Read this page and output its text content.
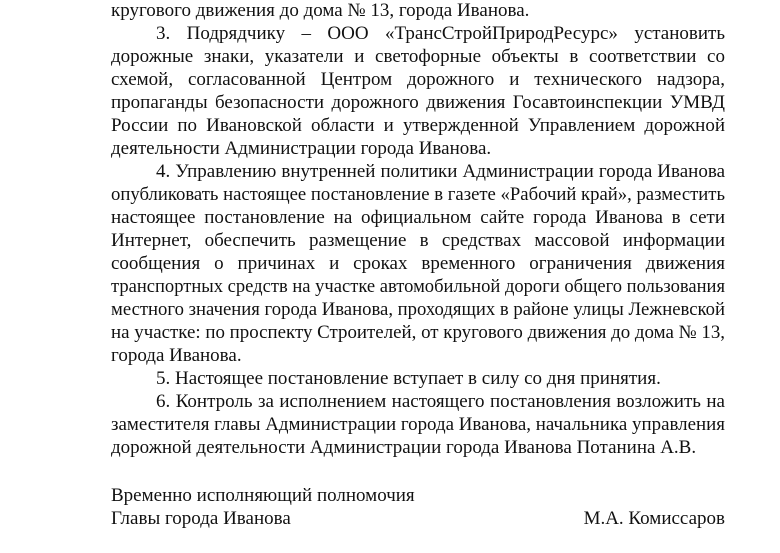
кругового движения до дома № 13, города Иванова.
3. Подрядчику – ООО «ТрансСтройПриродРесурс» установить
дорожные знаки, указатели и светофорные объекты в соответствии со
схемой, согласованной Центром дорожного и технического надзора,
пропаганды безопасности дорожного движения Госавтоинспекции УМВД
России по Ивановской области и утвержденной Управлением дорожной
деятельности Администрации города Иванова.
4. Управлению внутренней политики Администрации города Иванова
опубликовать настоящее постановление в газете «Рабочий край», разместить
настоящее постановление на официальном сайте города Иванова в сети
Интернет, обеспечить размещение в средствах массовой информации
сообщения о причинах и сроках временного ограничения движения
транспортных средств на участке автомобильной дороги общего пользования
местного значения города Иванова, проходящих в районе улицы Лежневской
на участке: по проспекту Строителей, от кругового движения до дома № 13,
города Иванова.
5. Настоящее постановление вступает в силу со дня принятия.
6. Контроль за исполнением настоящего постановления возложить на
заместителя главы Администрации города Иванова, начальника управления
дорожной деятельности Администрации города Иванова Потанина А.В.
Временно исполняющий полномочия
Главы города Иванова	М.А. Комиссаров
